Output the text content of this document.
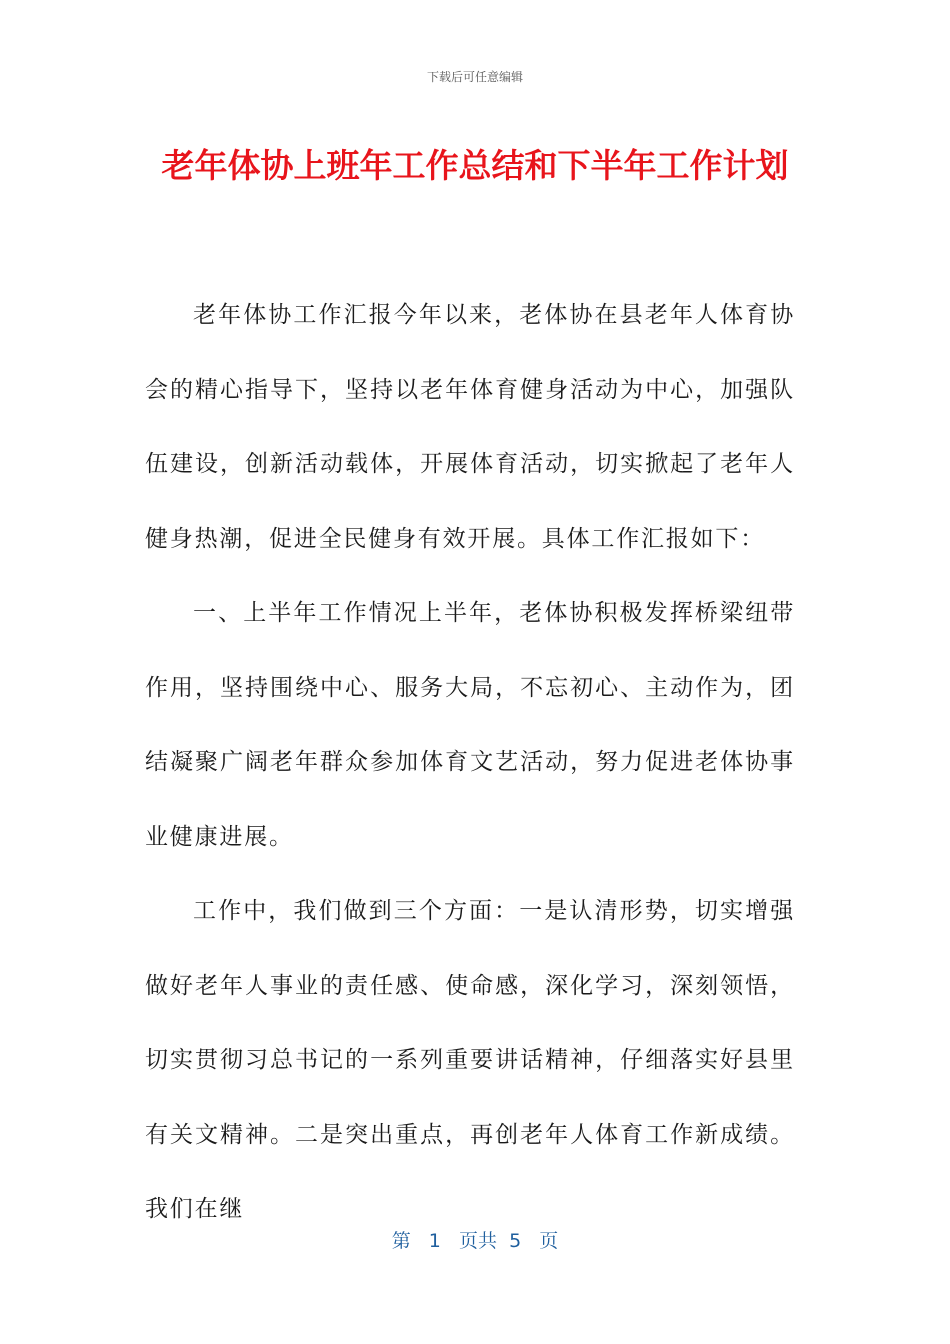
下载后可任意编辑
老年体协上班年工作总结和下半年工作计划

老年体协工作汇报今年以来，老体协在县老年人体育协会的精心指导下，坚持以老年体育健身活动为中心，加强队伍建设，创新活动载体，开展体育活动，切实掀起了老年人健身热潮，促进全民健身有效开展。具体工作汇报如下：

一、上半年工作情况上半年，老体协积极发挥桥梁纽带作用，坚持围绕中心、服务大局，不忘初心、主动作为，团结凝聚广阔老年群众参加体育文艺活动，努力促进老体协事业健康进展。

工作中，我们做到三个方面：一是认清形势，切实增强做好老年人事业的责任感、使命感，深化学习，深刻领悟，切实贯彻习总书记的一系列重要讲话精神，仔细落实好县里有关文精神。二是突出重点，再创老年人体育工作新成绩。我们在继

第   1   页共  5   页
